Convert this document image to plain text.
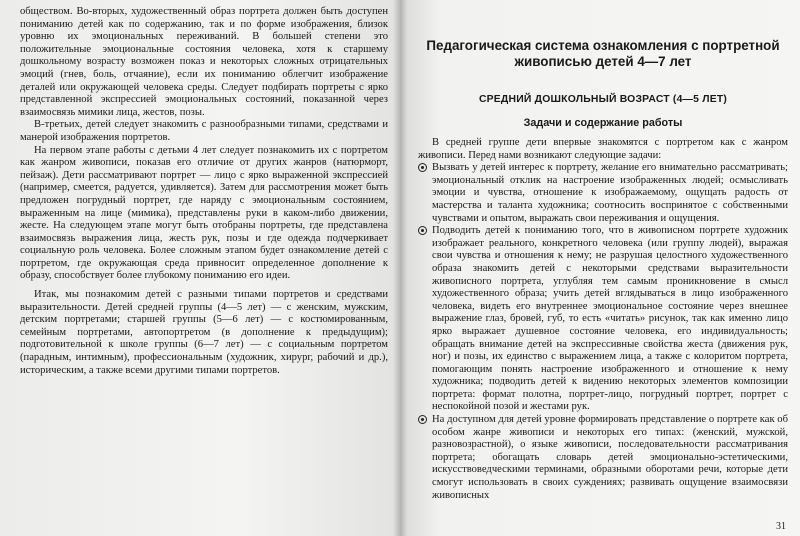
обществом. Во-вторых, художественный образ портрета должен быть доступен пониманию детей как по содержанию, так и по форме изображения, близок уровню их эмоциональных переживаний. В большей степени это положительные эмоциональные состояния человека, хотя к старшему дошкольному возрасту возможен показ и некоторых сложных отрицательных эмоций (гнев, боль, отчаяние), если их пониманию облегчит изображение деталей или окружающей человека среды. Следует подбирать портреты с ярко представленной экспрессией эмоциональных состояний, показанной через взаимосвязь мимики лица, жестов, позы.

В-третьих, детей следует знакомить с разнообразными типами, средствами и манерой изображения портретов.

На первом этапе работы с детьми 4 лет следует познакомить их с портретом как жанром живописи, показав его отличие от других жанров (натюрморт, пейзаж). Дети рассматривают портрет — лицо с ярко выраженной экспрессией (например, смеется, радуется, удивляется). Затем для рассмотрения может быть предложен погрудный портрет, где наряду с эмоциональным состоянием, выраженным на лице (мимика), представлены руки в каком-либо движении, жесте. На следующем этапе могут быть отобраны портреты, где представлена взаимосвязь выражения лица, жесть рук, позы и где одежда подчеркивает социальную роль человека. Более сложным этапом будет ознакомление детей с портретом, где окружающая среда привносит определенное дополнение к образу, способствует более глубокому пониманию его идеи.

Итак, мы познакомим детей с разными типами портретов и средствами выразительности. Детей средней группы (4—5 лет) — с женским, мужским, детским портретами; старшей группы (5—6 лет) — с костюмированным, семейным портретами, автопортретом (в дополнение к предыдущим); подготовительной к школе группы (6—7 лет) — с социальным портретом (парадным, интимным), профессиональным (художник, хирург, рабочий и др.), историческим, а также всеми другими типами портретов.

Педагогическая система ознакомления с портретной живописью детей 4—7 лет
СРЕДНИЙ ДОШКОЛЬНЫЙ ВОЗРАСТ (4—5 ЛЕТ)
Задачи и содержание работы

В средней группе дети впервые знакомятся с портретом как с жанром живописи. Перед нами возникают следующие задачи:

Вызвать у детей интерес к портрету, желание его внимательно рассматривать; эмоциональный отклик на настроение изображенных людей; осмысливать эмоции и чувства, отношение к изображаемому, ощущать радость от мастерства и таланта художника; соотносить воспринятое с собственными чувствами и опытом, выражать свои переживания и ощущения.

Подводить детей к пониманию того, что в живописном портрете художник изображает реального, конкретного человека (или группу людей), выражая свои чувства и отношения к нему; не разрушая целостного художественного образа знакомить детей с некоторыми средствами выразительности живописного портрета, углубляя тем самым проникновение в смысл художественного образа; учить детей вглядываться в лицо изображенного человека, видеть его внутреннее эмоциональное состояние через внешнее выражение глаз, бровей, губ, то есть «читать» рисунок, так как именно лицо ярко выражает душевное состояние человека, его индивидуальность; обращать внимание детей на экспрессивные свойства жеста (движения рук, ног) и позы, их единство с выражением лица, а также с колоритом портрета, помогающим понять настроение изображенного и отношение к нему художника; подводить детей к видению некоторых элементов композиции портрета: формат полотна, портрет-лицо, погрудный портрет, портрет с неспокойной позой и жестами рук.

На доступном для детей уровне формировать представление о портрете как об особом жанре живописи и некоторых его типах: (женский, мужской, разновозрастной), о языке живописи, последовательности рассматривания портрета; обогащать словарь детей эмоционально-эстетическими, искусствоведческими терминами, образными оборотами речи, которые дети смогут использовать в своих суждениях; развивать ощущение взаимосвязи живописных

31
